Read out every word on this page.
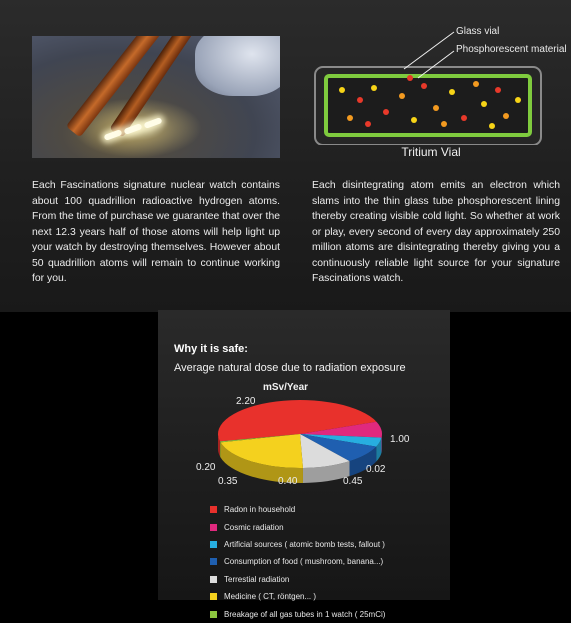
Glass vial
Phosphorescent material
Tritium Vial

Each Fascinations signature nuclear watch contains about 100 quadrillion radioactive hydrogen atoms. From the time of purchase we guarantee that over the next 12.3 years half of those atoms will help light up your watch by destroying themselves. However about 50 quadrillion atoms will remain to continue working for you.

Each disintegrating atom emits an electron which slams into the thin glass tube phosphorescent lining thereby creating visible cold light. So whether at work or play, every second of every day approximately 250 million atoms are disintegrating thereby giving you a continuously reliable light source for your signature Fascinations watch.

Why it is safe:
Average natural dose due to radiation exposure
mSv/Year
2.20
0.35
0.20
0.40	0.45
1.00
0.02
Radon in household
Cosmic radiation
Artificial sources ( atomic bomb tests, fallout )
Consumption of food ( mushroom, banana...)
Terrestial radiation
Medicine ( CT, röntgen... )
Breakage of all gas tubes in 1 watch ( 25mCi)
